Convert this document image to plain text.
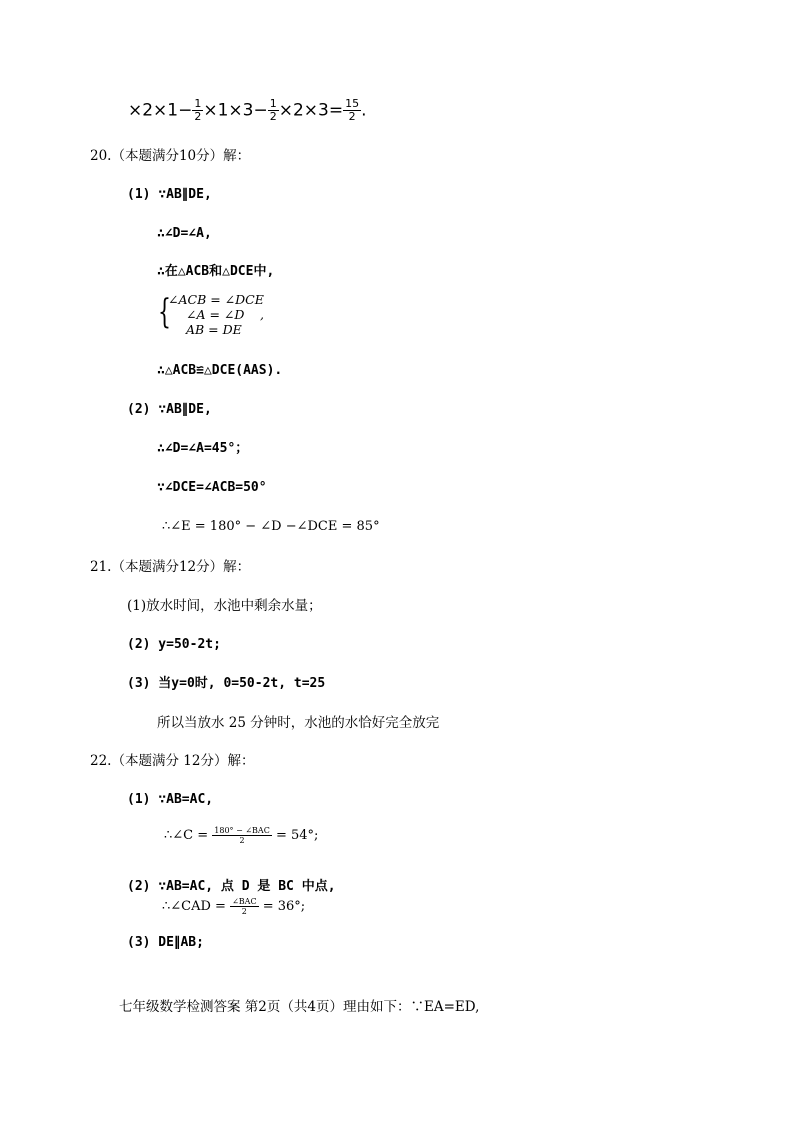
$\times 2\times 1- \frac{1}{2} \times 1\times 3- \frac{1}{2} \times 2\times 3= \frac{15}{2}$ .
20.（本题满分10分）解：
(1) ∵AB∥DE,
∴∠D=∠A,
∴在△ACB和△DCE中,
{
∠ACB = ∠DCE
∠A = ∠D ,
AB = DE
∴△ACB≌△DCE(AAS).
(2) ∵AB∥DE,
∴∠D=∠A=45°；
∵∠DCE=∠ACB=50°
∴∠E = 180° − ∠D −∠DCE = 85°
21.（本题满分12分）解：
(1)放水时间，水池中剩余水量；
(2) y=50-2t;
(3) 当y=0时, 0=50-2t, t=25
所以当放水 25 分钟时，水池的水恰好完全放完
22.（本题满分 12分）解：
(1) ∵AB=AC,
∴∠C = $\frac{\text{180° − ∠BAC}}{2} = 54^\circ$;
(2) ∵AB=AC, 点 D 是 BC 中点,
∴∠CAD = $\frac{\text{∠BAC}}{2} = 36^\circ$;
(3) DE∥AB;
七年级数学检测答案 第2页（共4页）理由如下：∵EA=ED,
